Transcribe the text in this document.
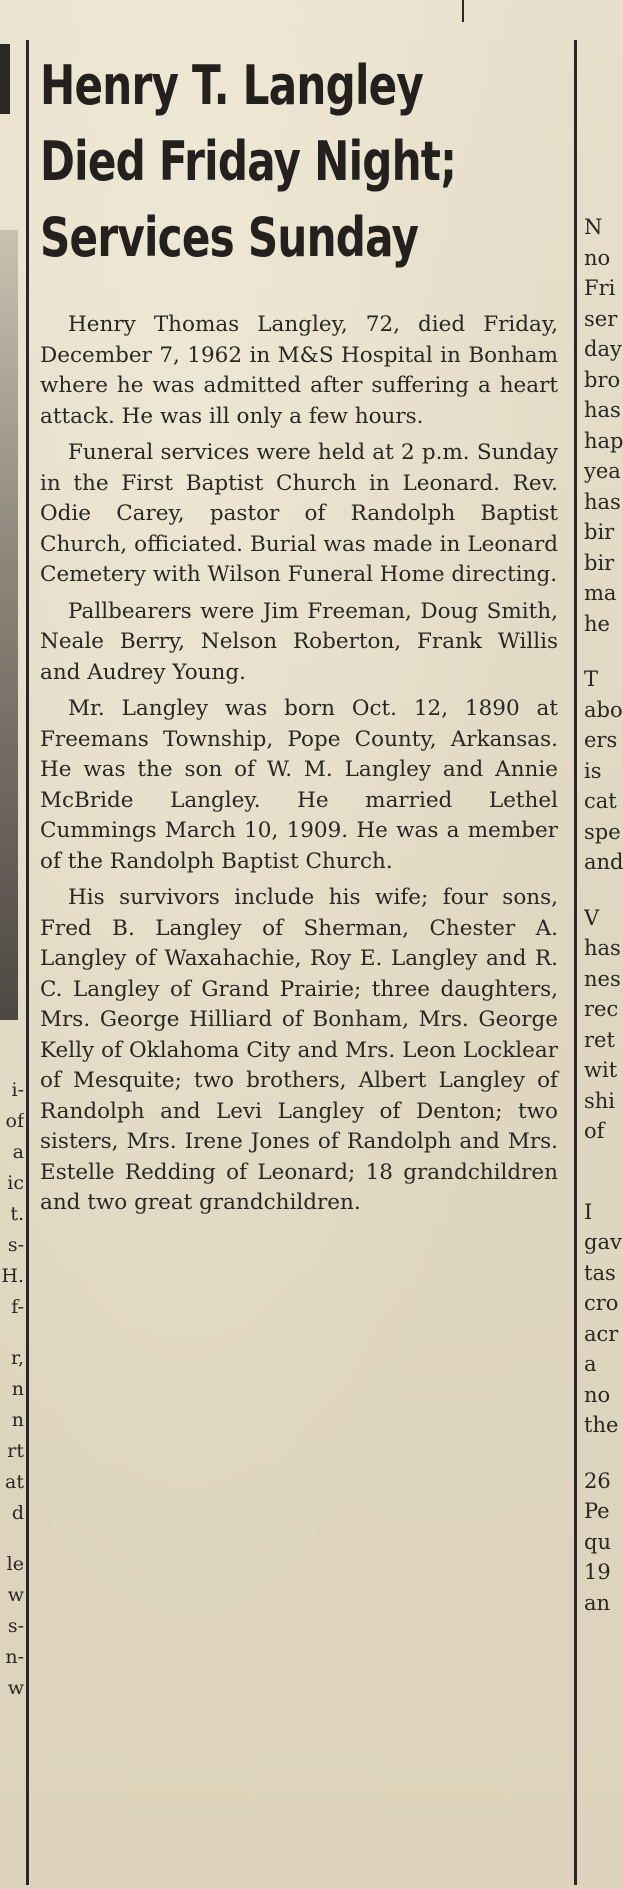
i-
of
a
ic
t.
s-
H.
f-

r,
n
n
rt
at
d

le
w
s-
n-
w
Henry T. Langley
Died Friday Night;
Services Sunday

Henry Thomas Langley, 72, died Friday, December 7, 1962 in M&S Hospital in Bonham where he was admitted after suffering a heart attack. He was ill only a few hours.

Funeral services were held at 2 p.m. Sunday in the First Baptist Church in Leonard. Rev. Odie Carey, pastor of Randolph Baptist Church, officiated. Burial was made in Leonard Cemetery with Wilson Funeral Home directing.

Pallbearers were Jim Freeman, Doug Smith, Neale Berry, Nelson Roberton, Frank Willis and Audrey Young.

Mr. Langley was born Oct. 12, 1890 at Freemans Township, Pope County, Arkansas. He was the son of W. M. Langley and Annie McBride Langley. He married Lethel Cummings March 10, 1909. He was a member of the Randolph Baptist Church.

His survivors include his wife; four sons, Fred B. Langley of Sherman, Chester A. Langley of Waxahachie, Roy E. Langley and R. C. Langley of Grand Prairie; three daughters, Mrs. George Hilliard of Bonham, Mrs. George Kelly of Oklahoma City and Mrs. Leon Locklear of Mesquite; two brothers, Albert Langley of Randolph and Levi Langley of Denton; two sisters, Mrs. Irene Jones of Randolph and Mrs. Estelle Redding of Leonard; 18 grandchildren and two great grandchildren.

N
no
Fri
ser
day
bro
has
hap
yea
has
bir
bir
ma
he

T
abo
ers
is
cat
spe
and

V
has
nes
rec
ret
wit
shi
of

I
gav
tas
cro
acr
a
no
the

26
Pe
qu
19
an
